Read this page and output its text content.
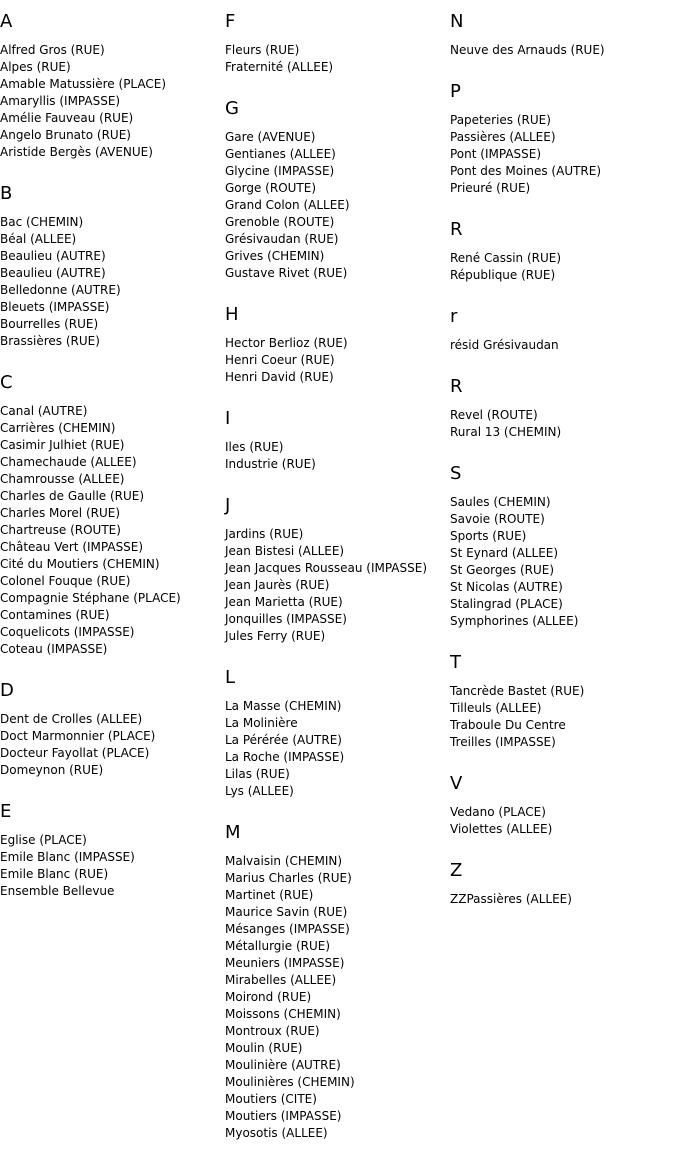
A
Alfred Gros (RUE)
Alpes (RUE)
Amable Matussière (PLACE)
Amaryllis (IMPASSE)
Amélie Fauveau (RUE)
Angelo Brunato (RUE)
Aristide Bergès (AVENUE)
B
Bac (CHEMIN)
Béal (ALLEE)
Beaulieu (AUTRE)
Beaulieu (AUTRE)
Belledonne (AUTRE)
Bleuets (IMPASSE)
Bourrelles (RUE)
Brassières (RUE)
C
Canal (AUTRE)
Carrières (CHEMIN)
Casimir Julhiet (RUE)
Chamechaude (ALLEE)
Chamrousse (ALLEE)
Charles de Gaulle (RUE)
Charles Morel (RUE)
Chartreuse (ROUTE)
Château Vert (IMPASSE)
Cité du Moutiers (CHEMIN)
Colonel Fouque (RUE)
Compagnie Stéphane (PLACE)
Contamines (RUE)
Coquelicots (IMPASSE)
Coteau (IMPASSE)
D
Dent de Crolles (ALLEE)
Doct Marmonnier (PLACE)
Docteur Fayollat (PLACE)
Domeynon (RUE)
E
Eglise (PLACE)
Emile Blanc (IMPASSE)
Emile Blanc (RUE)
Ensemble Bellevue
F
Fleurs (RUE)
Fraternité (ALLEE)
G
Gare (AVENUE)
Gentianes (ALLEE)
Glycine (IMPASSE)
Gorge (ROUTE)
Grand Colon (ALLEE)
Grenoble (ROUTE)
Grésivaudan (RUE)
Grives (CHEMIN)
Gustave Rivet (RUE)
H
Hector Berlioz (RUE)
Henri Coeur (RUE)
Henri David (RUE)
I
Iles (RUE)
Industrie (RUE)
J
Jardins (RUE)
Jean Bistesi (ALLEE)
Jean Jacques Rousseau (IMPASSE)
Jean Jaurès (RUE)
Jean Marietta (RUE)
Jonquilles (IMPASSE)
Jules Ferry (RUE)
L
La Masse (CHEMIN)
La Molinière
La Pérérée (AUTRE)
La Roche (IMPASSE)
Lilas (RUE)
Lys (ALLEE)
M
Malvaisin (CHEMIN)
Marius Charles (RUE)
Martinet (RUE)
Maurice Savin (RUE)
Mésanges (IMPASSE)
Métallurgie (RUE)
Meuniers (IMPASSE)
Mirabelles (ALLEE)
Moirond (RUE)
Moissons (CHEMIN)
Montroux (RUE)
Moulin (RUE)
Moulinière (AUTRE)
Moulinières (CHEMIN)
Moutiers (CITE)
Moutiers (IMPASSE)
Myosotis (ALLEE)
N
Neuve des Arnauds (RUE)
P
Papeteries (RUE)
Passières (ALLEE)
Pont (IMPASSE)
Pont des Moines (AUTRE)
Prieuré (RUE)
R
René Cassin (RUE)
République (RUE)
r
résid Grésivaudan
R
Revel (ROUTE)
Rural 13 (CHEMIN)
S
Saules (CHEMIN)
Savoie (ROUTE)
Sports (RUE)
St Eynard (ALLEE)
St Georges (RUE)
St Nicolas (AUTRE)
Stalingrad (PLACE)
Symphorines (ALLEE)
T
Tancrède Bastet (RUE)
Tilleuls (ALLEE)
Traboule Du Centre
Treilles (IMPASSE)
V
Vedano (PLACE)
Violettes (ALLEE)
Z
ZZPassières (ALLEE)
